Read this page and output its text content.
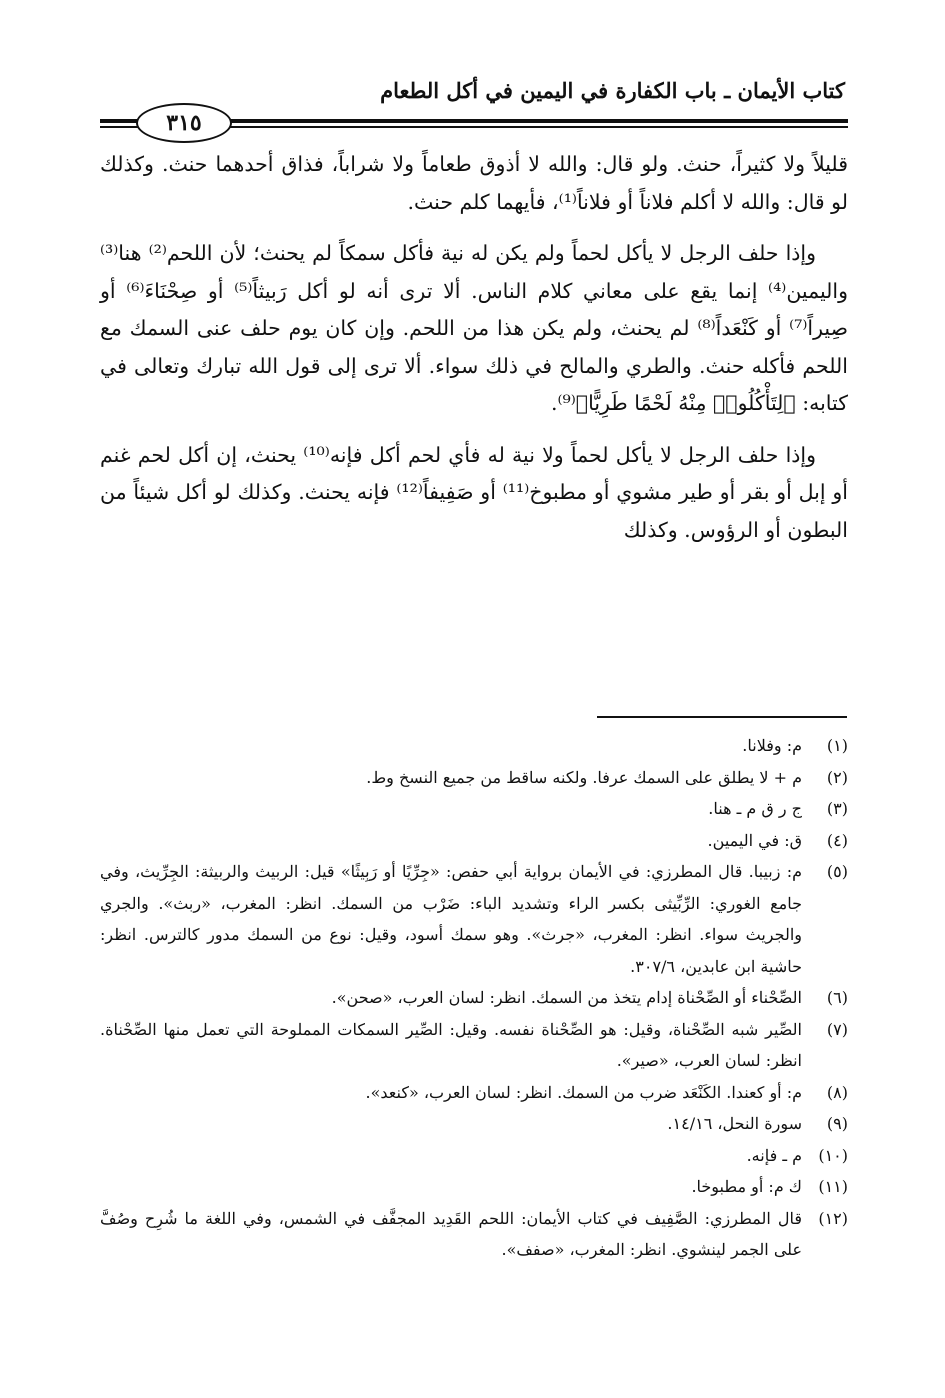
كتاب الأيمان ـ باب الكفارة في اليمين في أكل الطعام
٣١٥

قليلاً ولا كثيراً، حنث. ولو قال: والله لا أذوق طعاماً ولا شراباً، فذاق أحدهما حنث. وكذلك لو قال: والله لا أكلم فلاناً أو فلاناً⁽¹⁾، فأيهما كلم حنث.

وإذا حلف الرجل لا يأكل لحماً ولم يكن له نية فأكل سمكاً لم يحنث؛ لأن اللحم⁽²⁾ هنا⁽³⁾ واليمين⁽⁴⁾ إنما يقع على معاني كلام الناس. ألا ترى أنه لو أكل رَبيثاً⁽⁵⁾ أو صِحْنَاءَ⁽⁶⁾ أو صِيراً⁽⁷⁾ أو كَنْعَداً⁽⁸⁾ لم يحنث، ولم يكن هذا من اللحم. وإن كان يوم حلف عنى السمك مع اللحم فأكله حنث. والطري والمالح في ذلك سواء. ألا ترى إلى قول الله تبارك وتعالى في كتابه: ﴿لِتَأْكُلُوا۟ مِنْهُ لَحْمًا طَرِيًّا﴾⁽⁹⁾.

وإذا حلف الرجل لا يأكل لحماً ولا نية له فأي لحم أكل فإنه⁽¹⁰⁾ يحنث، إن أكل لحم غنم أو إبل أو بقر أو طير مشوي أو مطبوخ⁽¹¹⁾ أو صَفِيفاً⁽¹²⁾ فإنه يحنث. وكذلك لو أكل شيئاً من البطون أو الرؤوس. وكذلك

(١)
م: وفلانا.
(٢)
م + لا يطلق على السمك عرفا. ولكنه ساقط من جميع النسخ وط.
(٣)
ج ر ق م ـ هنا.
(٤)
ق: في اليمين.
(٥)
م: زبيبا. قال المطرزي: في الأيمان برواية أبي حفص: «جِرِّيًا أو رَبِيثًا» قيل: الربيث والربيثة: الجِرِّيث، وفي جامع الغوري: الرِّبِّيثى بكسر الراء وتشديد الباء: ضَرْب من السمك. انظر: المغرب، «ربث». والجري والجريث سواء. انظر: المغرب، «جرث». وهو سمك أسود، وقيل: نوع من السمك مدور كالترس. انظر: حاشية ابن عابدين، ٣٠٧/٦.
(٦)
الصِّحْناء أو الصِّحْناة إدام يتخذ من السمك. انظر: لسان العرب، «صحن».
(٧)
الصِّير شبه الصِّحْناة، وقيل: هو الصِّحْناة نفسه. وقيل: الصِّير السمكات المملوحة التي تعمل منها الصِّحْناة. انظر: لسان العرب، «صير».
(٨)
م: أو كعندا. الكَنْعَد ضرب من السمك. انظر: لسان العرب، «كنعد».
(٩)
سورة النحل، ١٤/١٦.
(١٠)
م ـ فإنه.
(١١)
ك م: أو مطبوخا.
(١٢)
قال المطرزي: الصَّفِيف في كتاب الأيمان: اللحم القَدِيد المجفَّف في الشمس، وفي اللغة ما شُرِح وصُفَّ على الجمر لينشوي. انظر: المغرب، «صفف».
